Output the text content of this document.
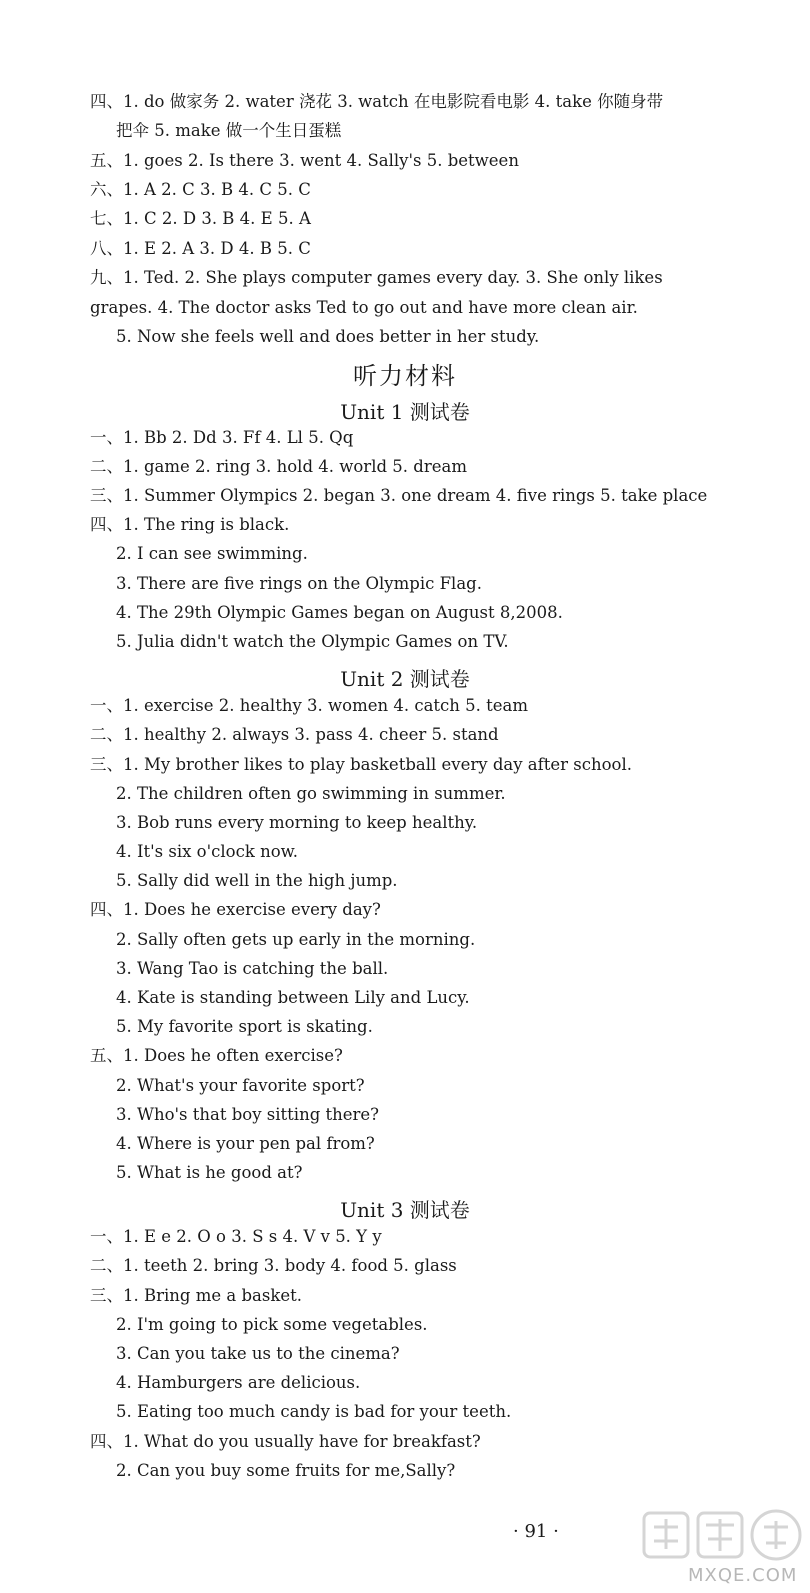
四、1. do 做家务 2. water 浇花 3. watch 在电影院看电影 4. take 你随身带
把伞 5. make 做一个生日蛋糕
五、1. goes 2. Is there 3. went 4. Sally's 5. between
六、1. A 2. C 3. B 4. C 5. C
七、1. C 2. D 3. B 4. E 5. A
八、1. E 2. A 3. D 4. B 5. C
九、1. Ted. 2. She plays computer games every day. 3. She only likes
grapes. 4. The doctor asks Ted to go out and have more clean air.
5. Now she feels well and does better in her study.
听力材料
Unit 1 测试卷
一、1. Bb 2. Dd 3. Ff 4. Ll 5. Qq
二、1. game 2. ring 3. hold 4. world 5. dream
三、1. Summer Olympics 2. began 3. one dream 4. five rings 5. take place
四、1. The ring is black.
2. I can see swimming.
3. There are five rings on the Olympic Flag.
4. The 29th Olympic Games began on August 8,2008.
5. Julia didn't watch the Olympic Games on TV.
Unit 2 测试卷
一、1. exercise 2. healthy 3. women 4. catch 5. team
二、1. healthy 2. always 3. pass 4. cheer 5. stand
三、1. My brother likes to play basketball every day after school.
2. The children often go swimming in summer.
3. Bob runs every morning to keep healthy.
4. It's six o'clock now.
5. Sally did well in the high jump.
四、1. Does he exercise every day?
2. Sally often gets up early in the morning.
3. Wang Tao is catching the ball.
4. Kate is standing between Lily and Lucy.
5. My favorite sport is skating.
五、1. Does he often exercise?
2. What's your favorite sport?
3. Who's that boy sitting there?
4. Where is your pen pal from?
5. What is he good at?
Unit 3 测试卷
一、1. E e 2. O o 3. S s 4. V v 5. Y y
二、1. teeth 2. bring 3. body 4. food 5. glass
三、1. Bring me a basket.
2. I'm going to pick some vegetables.
3. Can you take us to the cinema?
4. Hamburgers are delicious.
5. Eating too much candy is bad for your teeth.
四、1. What do you usually have for breakfast?
2. Can you buy some fruits for me,Sally?
· 91 ·
MXQE.COM
